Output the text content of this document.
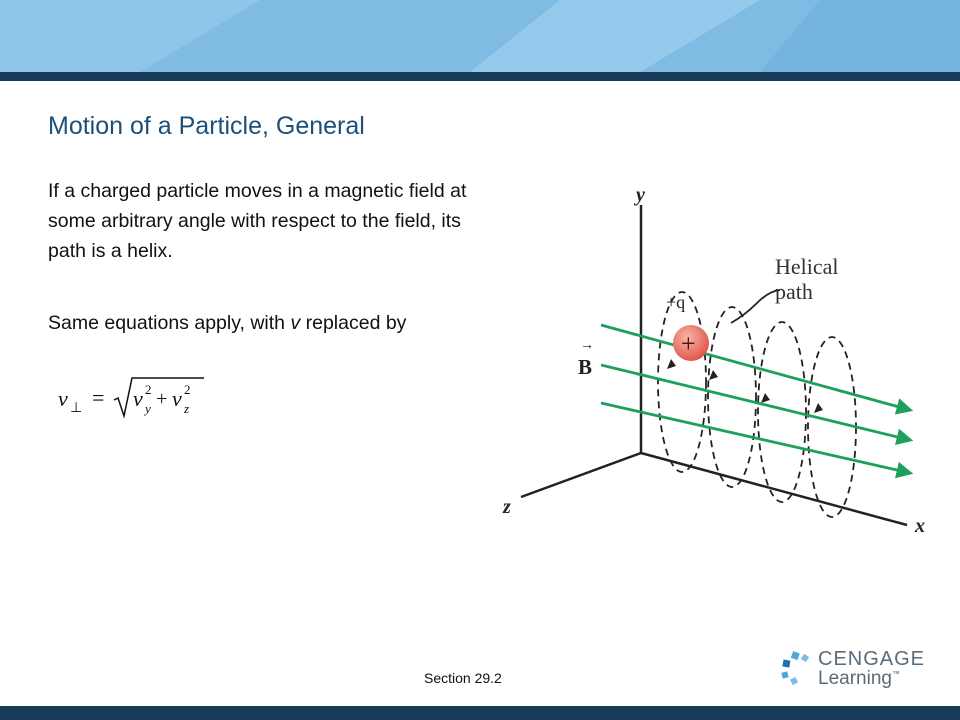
Motion of a Particle, General

If a charged particle moves in a magnetic field at some arbitrary angle with respect to the field, its path is a helix.

Same equations apply, with v replaced by

v ⊥ = v 2
y + v 2
z
y
x
z
+
+q
Helical
path
→
B
Section 29.2
CENGAGE
Learning™
